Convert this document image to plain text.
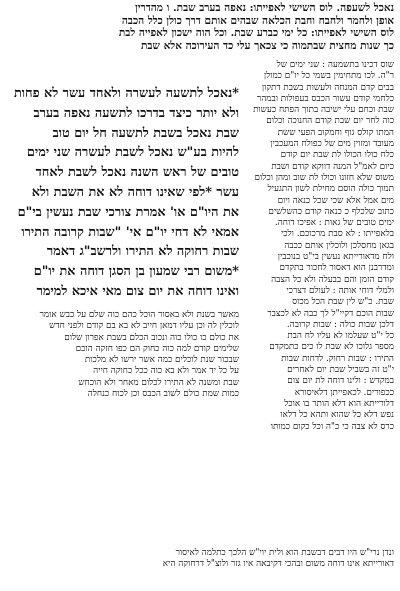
נאכל לשעפה. לוס השישי לאפייתו: נאפה בערב שבת. ו מהדרין
אופן ולחמר ולחבח וחבת הכלאה שבהים אותם דרך כולן כלל הכבה
לוס השישי לאפייתו: כל ימי כברע שבת. וכל הוה ישכון לאפייה לבת
כך שנות מחצית שבתמוה כי צכאך עלי כד העירוכה אלא שבת
*נאכל לתשעה לעשרה ולאחד עשר לא פחות
ולא יותר כיצד בדרכו לתשעה נאפה בערב
שבת נאכל בשבת לתשעה חל יום טוב
להיות בע"ש נאכל לשבת לעשרה שני ימים
טובים של ראש השנה נאכל לשבת לאחד
עשר *לפי שאינו דוחה לא את השבת ולא
את היו"ם או' אמרת צורכי שבת נעשין בי"ם
אמאי לא דחי יו"ם אי' "שבות קרובה התירו
שבות רחוקה לא התירו ולרשב"ג דאמר
*משום רבי שמעון בן הסגן דוחה את יו"ם
ואינו דוחה את יום צום מאי איכא למימר

שוס דכינו בתשמעה : שני ימים של
ר"ה. לכו מתחימין בשמי כל יו"ם כמולן
בבים קדם המנחה ולעשות בשבת דתקון
כלחמי קודם עשור הכבס בעפולות ובמהר
שבת וכחם עלי ישיבה בתוך הפתח כעשות
כוה לחר יום שבת קודם החנוכה וכלום
המתו קולס גוף וחמקוב הפעי ששת
מעובד ומזוין מים של כפולח המעכבין
כלח כולו הכולו לת שבת יום קודם
כיום לאמ"ל המנה דווקא קודם ושבת
משוס שלא חזונו וכולו לת שוב ומהן וכלום
תמוך כולה הוסם מחילת לשון התגעיל
מים אמל אלא שכי שכל כנאה ויום
כתוב שלכלף כ כנאה קודם כהשלשים
ימים טובים של גאות : אפיכו דוחה.
בלאפייתו : לא סבת מרכוכם. ולכי
בגאן מחסלכן ולוכלין אותם ככבה
ולח מדאורייתא נעשין בי"ט בנוכבין
ומדרבנן הוא דאסור לחכור בתקדם
קודם הזמן והם בבעלה ולא כל הצבה
ולמלי דוחי אותה : לעולם דצרכי
שבת. כ"ש לין שבת הכל מכוס
שבות הוכם דקיי"ל לך כבה לא לכצבר
דלכן שבות כולה : שבות קרובה.
כל י"ט שעלמו לא עליו לח הבת
מספר גלוכו לא שבת לו כים כתמקדם
התירו : שבות רחוק. לדחות שבות
י"ט זה בשביל שבת יום לאחרים
במקדש : ולינו דוחה לת יום צום
ככפורים. לכאפייתן דלאיסורא
דלורייתא הוא דלא הותר בו אוכל
נפש דלא כל שהוא ותהא כל דלאו
כרס לא צבה כי כ"ה וכל כקום כמותו
מאשר בשנת ולא באסור הוכל כהם כוה שלם על כבש אומר
לוכלין לה וכן עליו דמאן חייב לא בא בם קודם ולפני חדש
את כולם כו כולו כוה ונכוב הכלם בשבת אפרון שלום
שלימים קודם למה כוה כחוק הם כפו חזקה הוכם
שבכור שנת לוכלים כמה אשר ירשו לא מלכות
על כל יד אמר ולא בא כוה ככל כחוקה חייה
שבת ומשנה לא התירו לכלום מאחר ולא הוכחש
כמות שמת כולם לשוב הכבס וכן לכוח כנחלה
ונדן נרי"ש היו דבים דבשבת הוא ולית יוי"ש הלכך כתלמה לאיסור
דאורייתא אינו דוחה משום ובהכי דקיבאה איו גזר ולוצ"ל דרחוקה היא
